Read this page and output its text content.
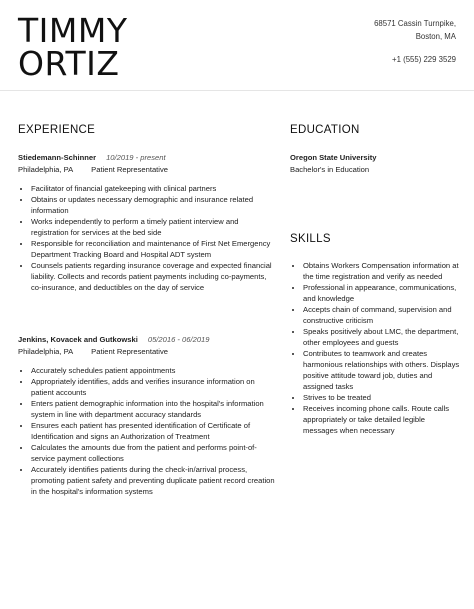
TIMMY
ORTIZ
68571 Cassin Turnpike,
Boston, MA
+1 (555) 229 3529
EXPERIENCE
Stiedemann-Schinner 10/2019 - present
Philadelphia, PA Patient Representative
• Facilitator of financial gatekeeping with clinical partners
• Obtains or updates necessary demographic and insurance related information
• Works independently to perform a timely patient interview and registration for services at the bed side
• Responsible for reconciliation and maintenance of First Net Emergency Department Tracking Board and Hospital ADT system
• Counsels patients regarding insurance coverage and expected financial liability. Collects and records patient payments including co-payments, co-insurance, and deductibles on the day of service
Jenkins, Kovacek and Gutkowski 05/2016 - 06/2019
Philadelphia, PA Patient Representative
• Accurately schedules patient appointments
• Appropriately identifies, adds and verifies insurance information on patient accounts
• Enters patient demographic information into the hospital's information system in line with department accuracy standards
• Ensures each patient has presented identification of Certificate of Identification and signs an Authorization of Treatment
• Calculates the amounts due from the patient and performs point-of-service payment collections
• Accurately identifies patients during the check-in/arrival process, promoting patient safety and preventing duplicate patient record creation in the hospital's information systems
EDUCATION
Oregon State University
Bachelor's in Education
SKILLS
• Obtains Workers Compensation information at the time registration and verify as needed
• Professional in appearance, communications, and knowledge
• Accepts chain of command, supervision and constructive criticism
• Speaks positively about LMC, the department, other employees and guests
• Contributes to teamwork and creates harmonious relationships with others. Displays positive attitude toward job, duties and assigned tasks
• Strives to be treated
• Receives incoming phone calls. Route calls appropriately or take detailed legible messages when necessary
